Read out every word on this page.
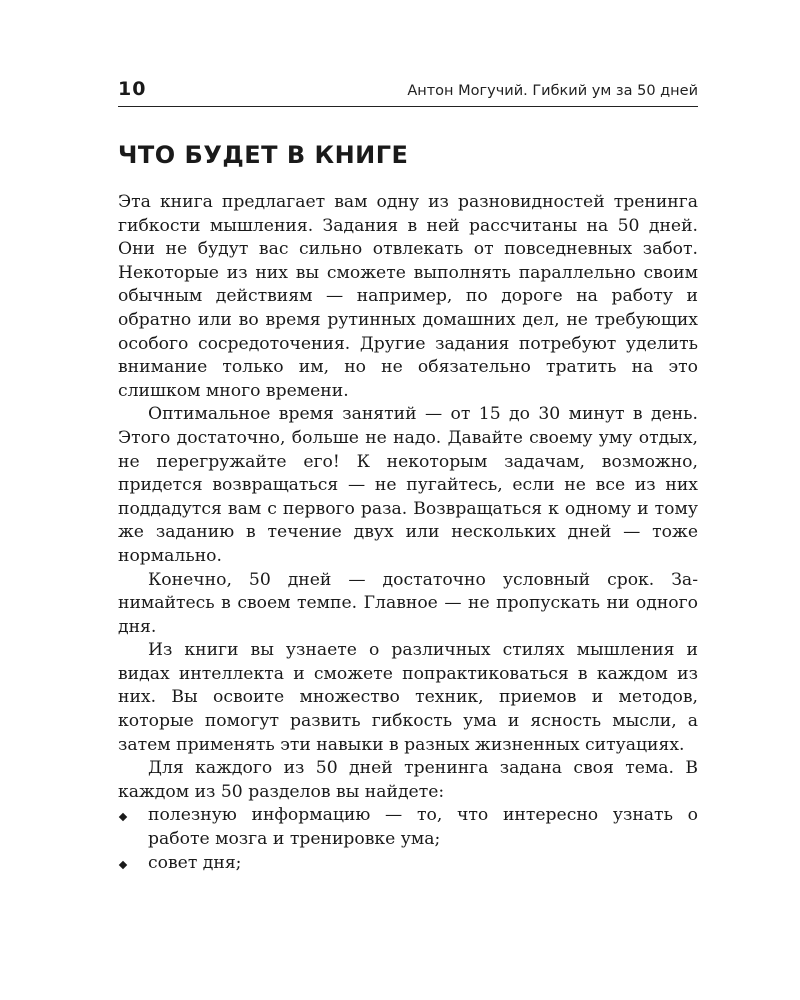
10	Антон Могучий. Гибкий ум за 50 дней
ЧТО БУДЕТ В КНИГЕ

Эта книга предлагает вам одну из разновидностей тренинга гибкости мышления. Задания в ней рассчитаны на 50 дней. Они не будут вас сильно отвлекать от повседневных забот. Некоторые из них вы сможете выполнять параллельно своим обычным действиям — например, по дороге на работу и обратно или во время рутинных домашних дел, не требующих особого сосредоточения. Другие задания потребуют уделить внимание только им, но не обязательно тратить на это слишком много времени.

Оптимальное время занятий — от 15 до 30 минут в день. Этого достаточно, больше не надо. Давайте своему уму отдых, не перегружайте его! К некоторым задачам, возможно, придется возвращаться — не пугайтесь, если не все из них поддадутся вам с первого раза. Возвращаться к одному и тому же заданию в течение двух или нескольких дней — тоже нормально.

Конечно, 50 дней — достаточно условный срок. Занимайтесь в своем темпе. Главное — не пропускать ни одного дня.

Из книги вы узнаете о различных стилях мышления и видах интеллекта и сможете попрактиковаться в каждом из них. Вы освоите множество техник, приемов и методов, которые помогут развить гибкость ума и ясность мысли, а затем применять эти навыки в разных жизненных ситуациях.

Для каждого из 50 дней тренинга задана своя тема. В каждом из 50 разделов вы найдете:

полезную информацию — то, что интересно узнать о работе мозга и тренировке ума;
совет дня;
